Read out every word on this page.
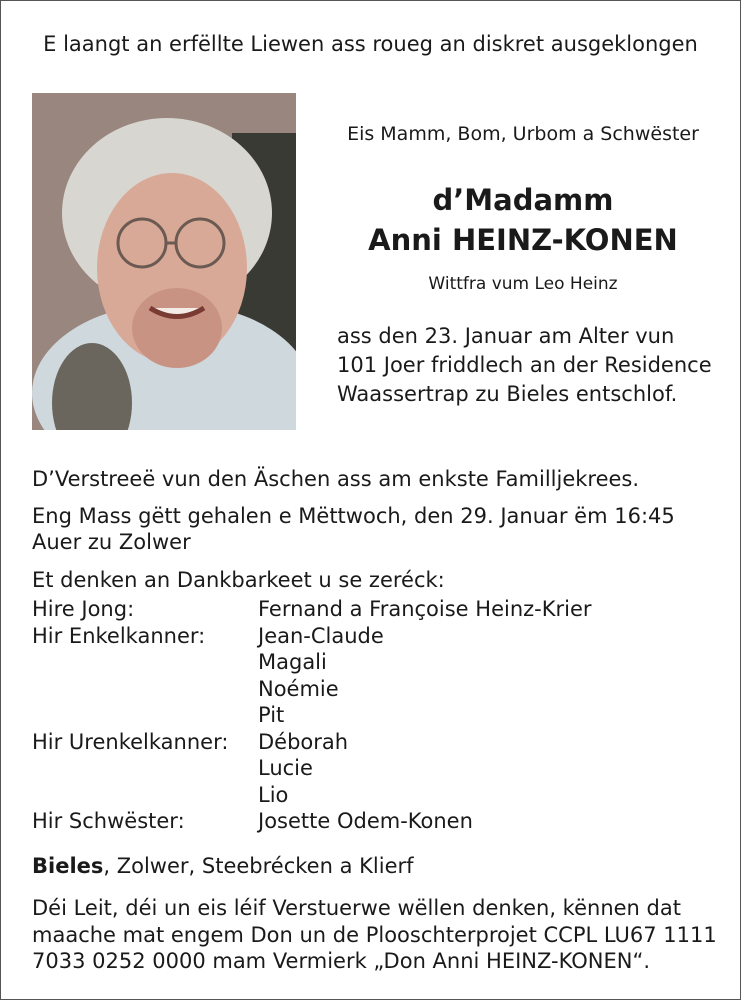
E laangt an erfëllte Liewen ass roueg an diskret ausgeklongen
Eis Mamm, Bom, Urbom a Schwëster
d’Madamm
Anni HEINZ-KONEN
Wittfra vum Leo Heinz
ass den 23. Januar am Alter vun
101 Joer friddlech an der Residence
Waassertrap zu Bieles entschlof.
D’Verstreeë vun den Äschen ass am enkste Familljekrees.
Eng Mass gëtt gehalen e Mëttwoch, den 29. Januar ëm 16:45
Auer zu Zolwer
Et denken an Dankbarkeet u se zeréck:
Hire Jong:	Fernand a Françoise Heinz-Krier
Hir Enkelkanner:	Jean-Claude
Magali
Noémie
Pit
Hir Urenkelkanner: Déborah
Lucie
Lio
Hir Schwëster:	Josette Odem-Konen
Bieles, Zolwer, Steebrécken a Klierf
Déi Leit, déi un eis léif Verstuerwe wëllen denken, kënnen dat
maache mat engem Don un de Plooschterprojet CCPL LU67 1111
7033 0252 0000 mam Vermierk „Don Anni HEINZ-KONEN“.
